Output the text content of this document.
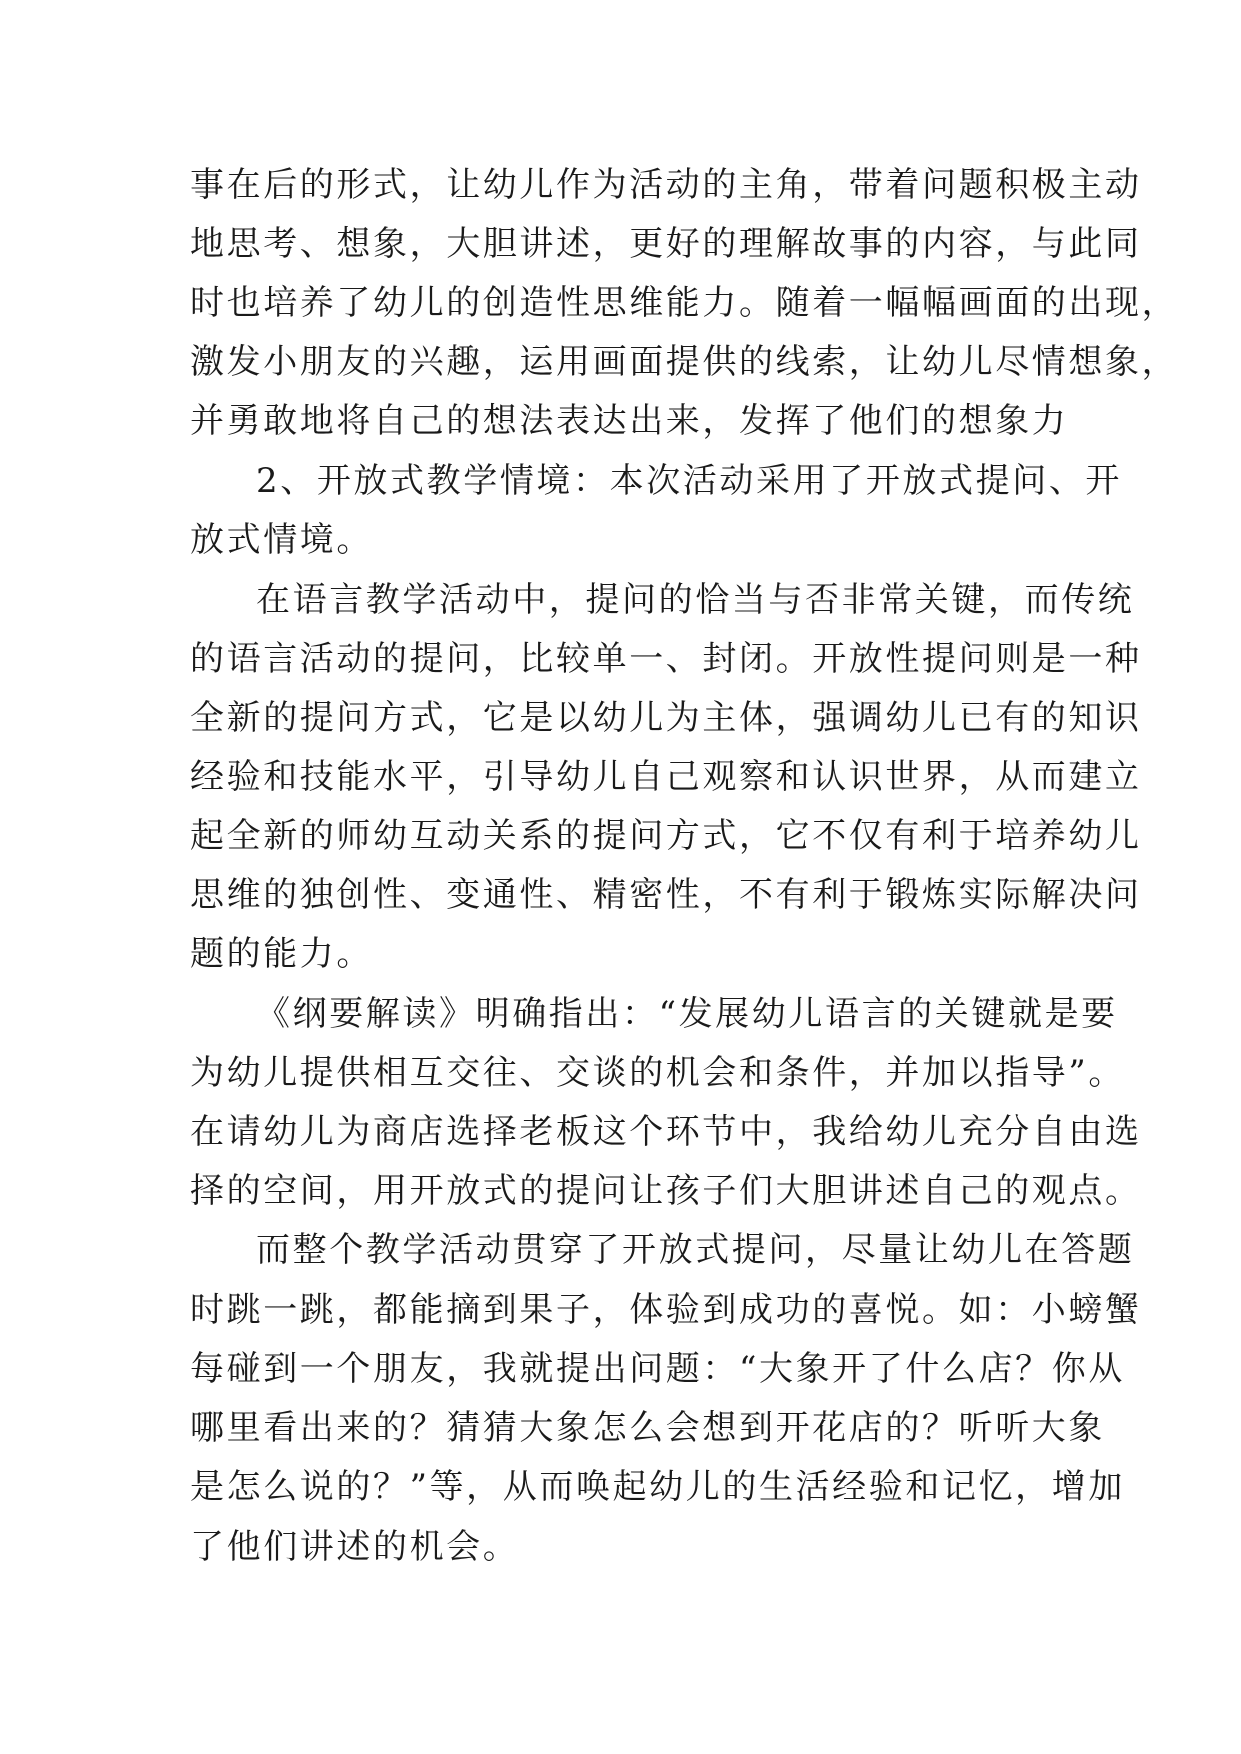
事在后的形式，让幼儿作为活动的主角，带着问题积极主动
地思考、想象，大胆讲述，更好的理解故事的内容，与此同
时也培养了幼儿的创造性思维能力。随着一幅幅画面的出现，
激发小朋友的兴趣，运用画面提供的线索，让幼儿尽情想象，
并勇敢地将自己的想法表达出来，发挥了他们的想象力
2、开放式教学情境：本次活动采用了开放式提问、开
放式情境。
在语言教学活动中，提问的恰当与否非常关键，而传统
的语言活动的提问，比较单一、封闭。开放性提问则是一种
全新的提问方式，它是以幼儿为主体，强调幼儿已有的知识
经验和技能水平，引导幼儿自己观察和认识世界，从而建立
起全新的师幼互动关系的提问方式，它不仅有利于培养幼儿
思维的独创性、变通性、精密性，不有利于锻炼实际解决问
题的能力。
《纲要解读》明确指出：“发展幼儿语言的关键就是要
为幼儿提供相互交往、交谈的机会和条件，并加以指导”。
在请幼儿为商店选择老板这个环节中，我给幼儿充分自由选
择的空间，用开放式的提问让孩子们大胆讲述自己的观点。
而整个教学活动贯穿了开放式提问，尽量让幼儿在答题
时跳一跳，都能摘到果子，体验到成功的喜悦。如：小螃蟹
每碰到一个朋友，我就提出问题：“大象开了什么店？你从
哪里看出来的？猜猜大象怎么会想到开花店的？听听大象
是怎么说的？”等，从而唤起幼儿的生活经验和记忆，增加
了他们讲述的机会。
